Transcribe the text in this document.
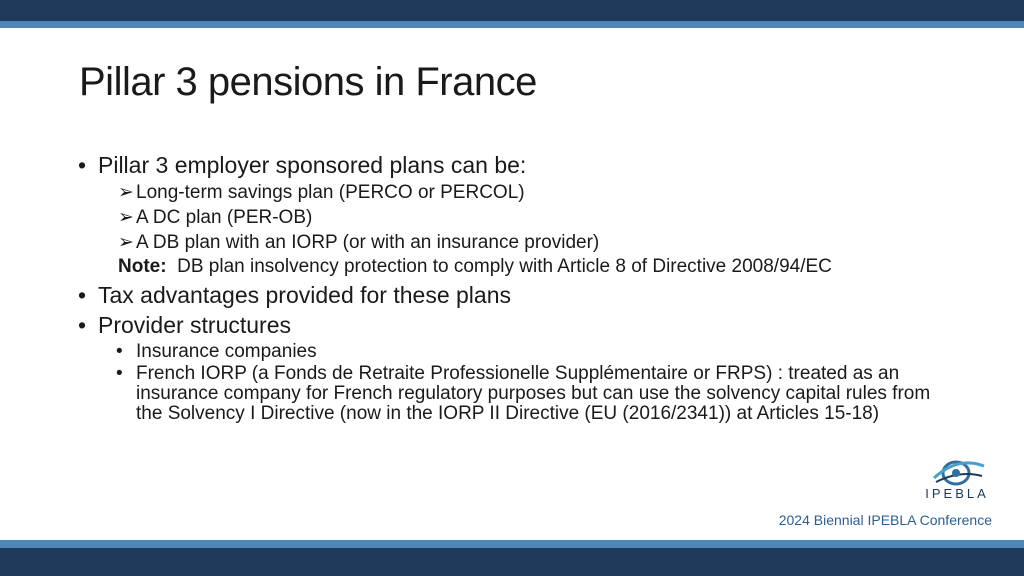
Pillar 3 pensions in France

• Pillar 3 employer sponsored plans can be:

➢ Long-term savings plan (PERCO or PERCOL)

➢ A DC plan (PER-OB)

➢ A DB plan with an IORP (or with an insurance provider)

Note: DB plan insolvency protection to comply with Article 8 of Directive 2008/94/EC

• Tax advantages provided for these plans

• Provider structures

• Insurance companies

• French IORP (a Fonds de Retraite Professionelle Supplémentaire or FRPS) : treated as an insurance company for French regulatory purposes but can use the solvency capital rules from the Solvency I Directive (now in the IORP II Directive (EU (2016/2341)) at Articles 15-18)

IPEBLA
2024 Biennial IPEBLA Conference
